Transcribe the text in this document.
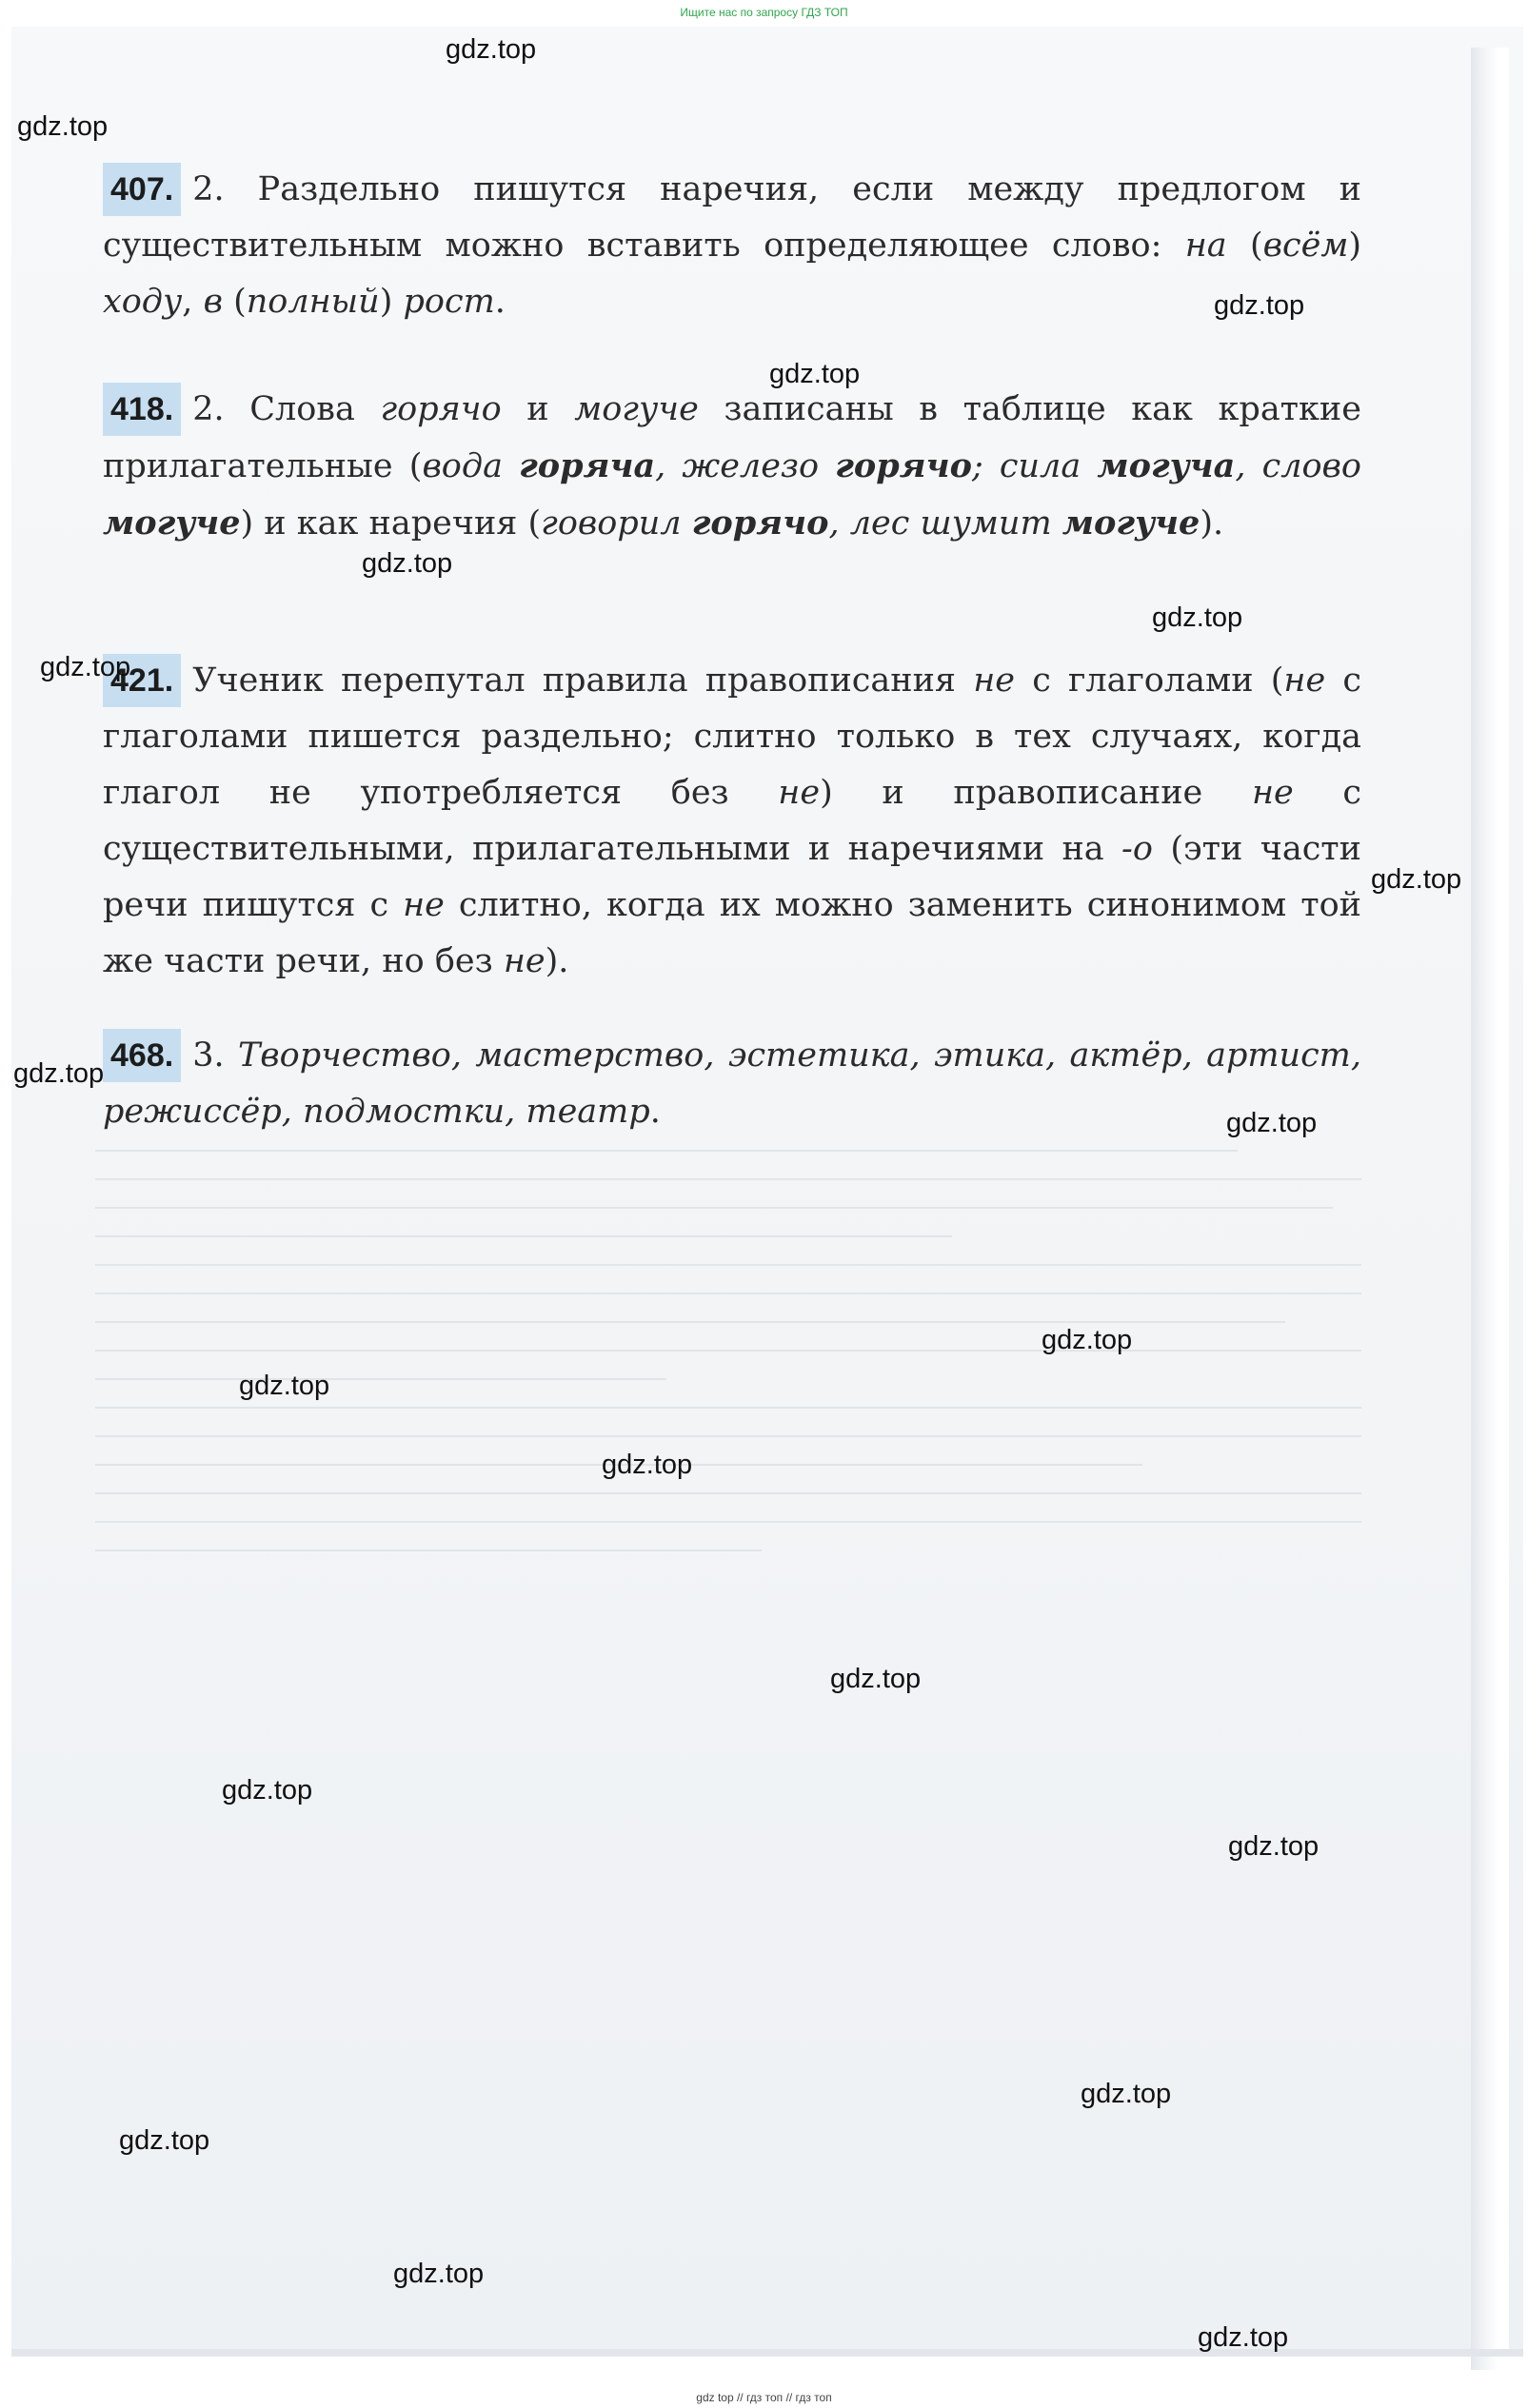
Ищите нас по запросу ГДЗ ТОП
407. 2. Раздельно пишутся наречия, если между предлогом и существительным можно вставить определяющее слово: на (всём) ходу, в (полный) рост.
418. 2. Слова горячо и могуче записаны в таблице как краткие прилагательные (вода горяча, железо горячо; сила могуча, слово могуче) и как наречия (говорил горячо, лес шумит могуче).
421. Ученик перепутал правила правописания не с глаголами (не с глаголами пишется раздельно; слитно только в тех случаях, когда глагол не употребляется без не) и правописание не с существительными, прилагательными и наречиями на -о (эти части речи пишутся с не слитно, когда их можно заменить синонимом той же части речи, но без не).
468. 3. Творчество, мастерство, эстетика, этика, актёр, артист, режиссёр, подмостки, театр.
gdz.top
gdz.top
gdz.top
gdz.top
gdz.top
gdz.top
gdz.top
gdz.top
gdz.top
gdz.top
gdz.top
gdz.top
gdz.top
gdz.top
gdz.top
gdz.top
gdz.top
gdz.top
gdz.top
gdz.top
gdz top // гдз топ // гдз топ
